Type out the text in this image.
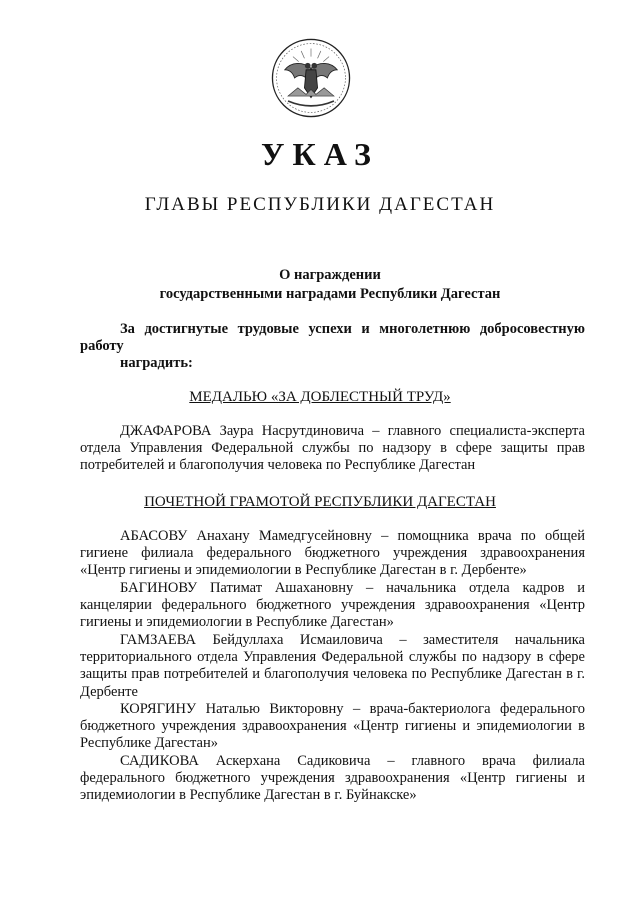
УКАЗ
ГЛАВЫ РЕСПУБЛИКИ ДАГЕСТАН
О награждении
государственными наградами Республики Дагестан
За достигнутые трудовые успехи и многолетнюю добросовестную работу
наградить:
МЕДАЛЬЮ «ЗА ДОБЛЕСТНЫЙ ТРУД»
ДЖАФАРОВА Заура Насрутдиновича – главного специалиста-эксперта отдела Управления Федеральной службы по надзору в сфере защиты прав потребителей и благополучия человека по Республике Дагестан
ПОЧЕТНОЙ ГРАМОТОЙ РЕСПУБЛИКИ ДАГЕСТАН
АБАСОВУ Анахану Мамедгусейновну – помощника врача по общей гигиене филиала федерального бюджетного учреждения здравоохранения «Центр гигиены и эпидемиологии в Республике Дагестан в г. Дербенте»
БАГИНОВУ Патимат Ашахановну – начальника отдела кадров и канцелярии федерального бюджетного учреждения здравоохранения «Центр гигиены и эпидемиологии в Республике Дагестан»
ГАМЗАЕВА Бейдуллаха Исмаиловича – заместителя начальника территориального отдела Управления Федеральной службы по надзору в сфере защиты прав потребителей и благополучия человека по Республике Дагестан в г. Дербенте
КОРЯГИНУ Наталью Викторовну – врача-бактериолога федерального бюджетного учреждения здравоохранения «Центр гигиены и эпидемиологии в Республике Дагестан»
САДИКОВА Аскерхана Садиковича – главного врача филиала федерального бюджетного учреждения здравоохранения «Центр гигиены и эпидемиологии в Республике Дагестан в г. Буйнакске»
